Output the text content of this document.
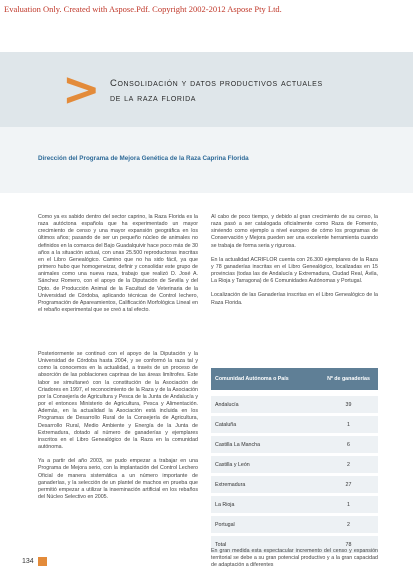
Evaluation Only. Created with Aspose.Pdf. Copyright 2002-2012 Aspose Pty Ltd.
> Consolidación y datos productivos actuales
de la raza florida
Dirección del Programa de Mejora Genética de la Raza Caprina Florida

Como ya es sabido dentro del sector caprino, la Raza Florida es la raza autóctona española que ha experimentado un mayor crecimiento de censo y una mayor expansión geográfica en los últimos años; pasando de ser un pequeño núcleo de animales no definidos en la comarca del Bajo Guadalquivir hace poco más de 30 años a la situación actual, con unas 25.500 reproductoras inscritas en el Libro Genealógico. Camino que no ha sido fácil, ya que primero hubo que homogeneizar, definir y consolidar este grupo de animales como una nueva raza, trabajo que realizó D. José A. Sánchez Romero, con el apoyo de la Diputación de Sevilla y del Dpto. de Producción Animal de la Facultad de Veterinaria de la Universidad de Córdoba, aplicando técnicas de Control lechero, Programación de Apareamientos, Calificación Morfológica Lineal en el rebaño experimental que se creó a tal efecto.

Posteriormente se continuó con el apoyo de la Diputación y la Universidad de Córdoba hasta 2004, y se conformó la raza tal y como la conocemos en la actualidad, a través de un proceso de absorción de las poblaciones caprinas de las áreas limítrofes. Este labor se simultaneó con la constitución de la Asociación de Criadores en 1997, el reconocimiento de la Raza y de la Asociación por la Consejería de Agricultura y Pesca de la Junta de Andalucía y por el entonces Ministerio de Agricultura, Pesca y Alimentación. Además, en la actualidad la Asociación está incluida en los Programas de Desarrollo Rural de la Consejería de Agricultura, Desarrollo Rural, Medio Ambiente y Energía de la Junta de Extremadura, dotado al número de ganaderías y ejemplares inscritos en el Libro Genealógico de la Raza en la comunidad autónoma.

Ya a partir del año 2003, se pudo empezar a trabajar en una Programa de Mejora serio, con la implantación del Control Lechero Oficial de manera sistemática a un número importante de ganaderías, y la selección de un plantel de machos en prueba que permitió empezar a utilizar la inseminación artificial en los rebaños del Núcleo Selectivo en 2005.

Al cabo de poco tiempo, y debido al gran crecimiento de su censo, la raza pasó a ser catalogada oficialmente como Raza de Fomento, sirviendo como ejemplo a nivel europeo de cómo los programas de Conservación y Mejora pueden ser una excelente herramienta cuando se trabaja de forma seria y rigurosa.

En la actualidad ACRIFLOR cuenta con 26.300 ejemplares de la Raza y 78 ganaderías inscritas en el Libro Genealógico, localizadas en 15 provincias (todas las de Andalucía y Extremadura, Ciudad Real, Ávila, La Rioja y Tarragona) de 6 Comunidades Autónomas y Portugal.

Localización de las Ganaderías inscritas en el Libro Genealógico de la Raza Florida.

Comunidad Autónoma o País	Nº de ganaderías
Andalucía	39
Cataluña	1
Castilla La Mancha	6
Castilla y León	2
Extremadura	27
La Rioja	1
Portugal	2
Total	78

En gran medida esta espectacular incremento del censo y expansión territorial se debe a su gran potencial productivo y a la gran capacidad de adaptación a diferentes

134
